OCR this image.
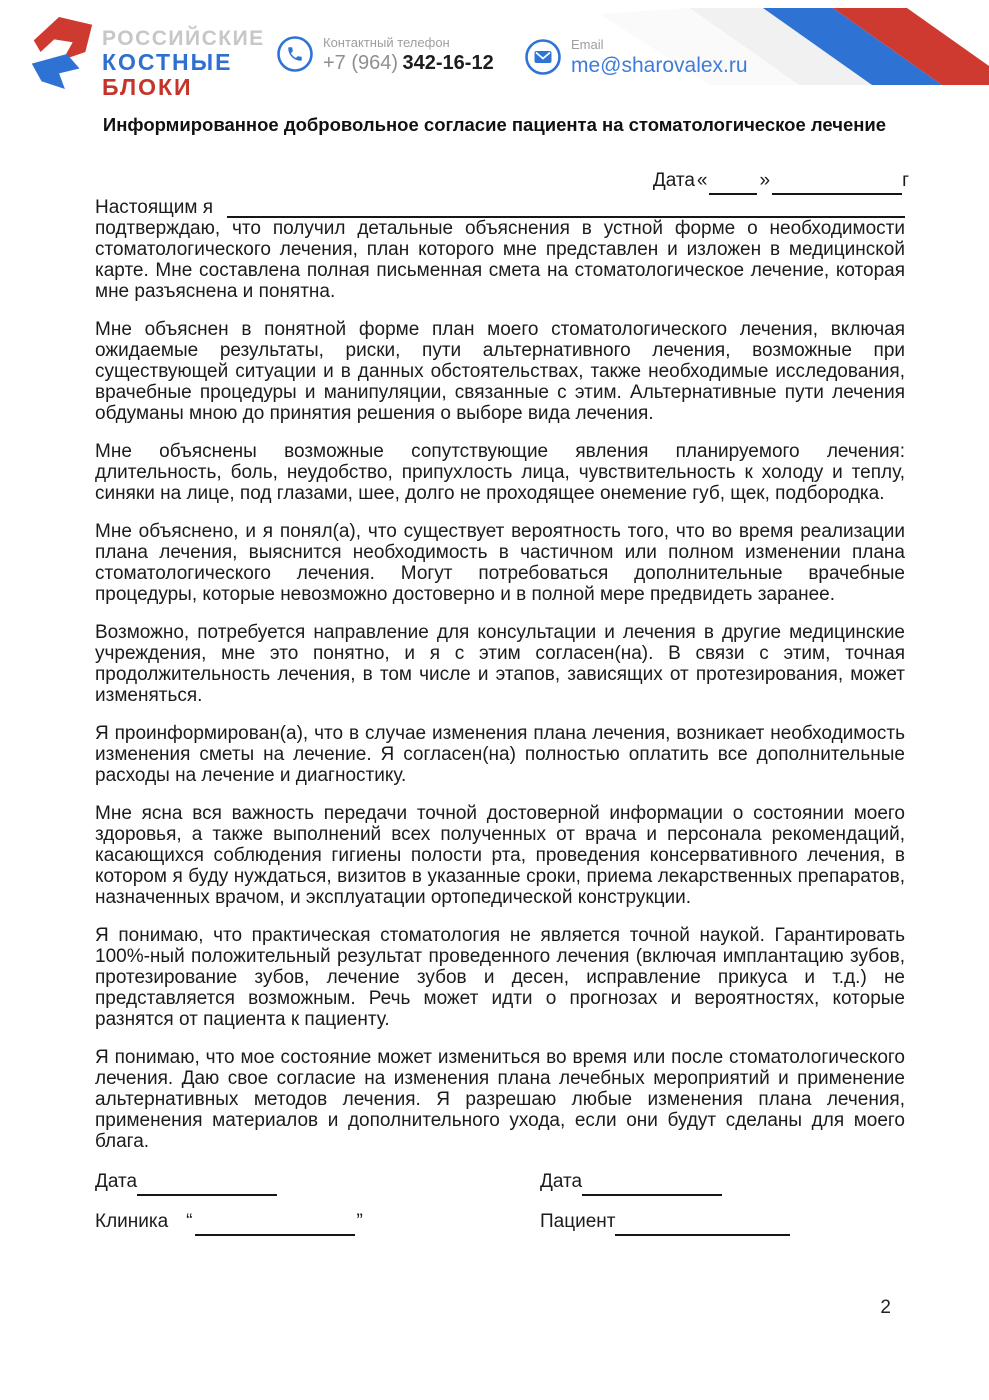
РОССИЙСКИЕ
КОСТНЫЕ
БЛОКИ
Контактный телефон
+7 (964) 342-16-12
Email
me@sharovalex.ru
Информированное добровольное согласие пациента на стоматологическое лечение
Дата «	»	г
Настоящим я

подтверждаю, что получил детальные объяснения в устной форме о необходимости стоматологического лечения, план которого мне представлен и изложен в медицинской карте. Мне составлена полная письменная смета на стоматологическое лечение, которая мне разъяснена и понятна.

Мне объяснен в понятной форме план моего стоматологического лечения, включая ожидаемые результаты, риски, пути альтернативного лечения, возможные при существующей ситуации и в данных обстоятельствах, также необходимые исследования, врачебные процедуры и манипуляции, связанные с этим. Альтернативные пути лечения обдуманы мною до принятия решения о выборе вида лечения.

Мне объяснены возможные сопутствующие явления планируемого лечения: длительность, боль, неудобство, припухлость лица, чувствительность к холоду и теплу, синяки на лице, под глазами, шее, долго не проходящее онемение губ, щек, подбородка.

Мне объяснено, и я понял(а), что существует вероятность того, что во время реализации плана лечения, выяснится необходимость в частичном или полном изменении плана стоматологического лечения. Могут потребоваться дополнительные врачебные процедуры, которые невозможно достоверно и в полной мере предвидеть заранее.

Возможно, потребуется направление для консультации и лечения в другие медицинские учреждения, мне это понятно, и я с этим согласен(на). В связи с этим, точная продолжительность лечения, в том числе и этапов, зависящих от протезирования, может изменяться.

Я проинформирован(а), что в случае изменения плана лечения, возникает необходимость изменения сметы на лечение. Я согласен(на) полностью оплатить все дополнительные расходы на лечение и диагностику.

Мне ясна вся важность передачи точной достоверной информации о состоянии моего здоровья, а также выполнений всех полученных от врача и персонала рекомендаций, касающихся соблюдения гигиены полости рта, проведения консервативного лечения, в котором я буду нуждаться, визитов в указанные сроки, приема лекарственных препаратов, назначенных врачом, и эксплуатации ортопедической конструкции.

Я понимаю, что практическая стоматология не является точной наукой. Гарантировать 100%-ный положительный результат проведенного лечения (включая имплантацию зубов, протезирование зубов, лечение зубов и десен, исправление прикуса и т.д.) не представляется возможным. Речь может идти о прогнозах и вероятностях, которые разнятся от пациента к пациенту.

Я понимаю, что мое состояние может измениться во время или после стоматологического лечения. Даю свое согласие на изменения плана лечебных мероприятий и применение альтернативных методов лечения. Я разрешаю любые изменения плана лечения, применения материалов и дополнительного ухода, если они будут сделаны для моего блага.

Дата	Дата
Клиника “	”	Пациент
2
